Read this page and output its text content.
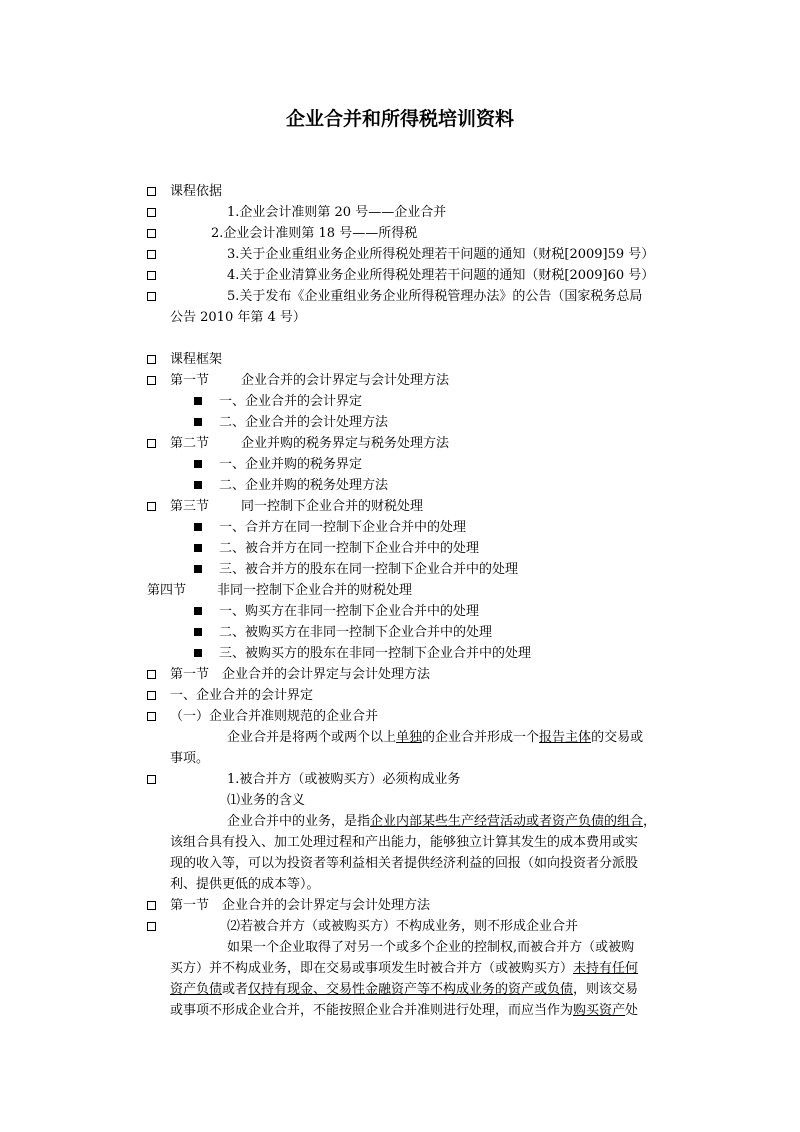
企业合并和所得税培训资料
课程依据
1.企业会计准则第 20 号——企业合并
2.企业会计准则第 18 号——所得税
3.关于企业重组业务企业所得税处理若干问题的通知（财税[2009]59 号）
4.关于企业清算业务企业所得税处理若干问题的通知（财税[2009]60 号）
5.关于发布《企业重组业务企业所得税管理办法》的公告（国家税务总局
公告 2010 年第 4 号）
课程框架
第一节 企业合并的会计界定与会计处理方法
一、企业合并的会计界定
二、企业合并的会计处理方法
第二节 企业并购的税务界定与税务处理方法
一、企业并购的税务界定
二、企业并购的税务处理方法
第三节 同一控制下企业合并的财税处理
一、合并方在同一控制下企业合并中的处理
二、被合并方在同一控制下企业合并中的处理
三、被合并方的股东在同一控制下企业合并中的处理
第四节 非同一控制下企业合并的财税处理
一、购买方在非同一控制下企业合并中的处理
二、被购买方在非同一控制下企业合并中的处理
三、被购买方的股东在非同一控制下企业合并中的处理
第一节　企业合并的会计界定与会计处理方法
一、企业合并的会计界定
（一）企业合并准则规范的企业合并
企业合并是将两个或两个以上单独的企业合并形成一个报告主体的交易或
事项。
1.被合并方（或被购买方）必须构成业务
⑴业务的含义
企业合并中的业务，是指企业内部某些生产经营活动或者资产负债的组合，
该组合具有投入、加工处理过程和产出能力，能够独立计算其发生的成本费用或实
现的收入等，可以为投资者等利益相关者提供经济利益的回报（如向投资者分派股
利、提供更低的成本等）。
第一节　企业合并的会计界定与会计处理方法
⑵若被合并方（或被购买方）不构成业务，则不形成企业合并
如果一个企业取得了对另一个或多个企业的控制权,而被合并方（或被购
买方）并不构成业务，即在交易或事项发生时被合并方（或被购买方）未持有任何
资产负债或者仅持有现金、交易性金融资产等不构成业务的资产或负债，则该交易
或事项不形成企业合并，不能按照企业合并准则进行处理，而应当作为购买资产处
